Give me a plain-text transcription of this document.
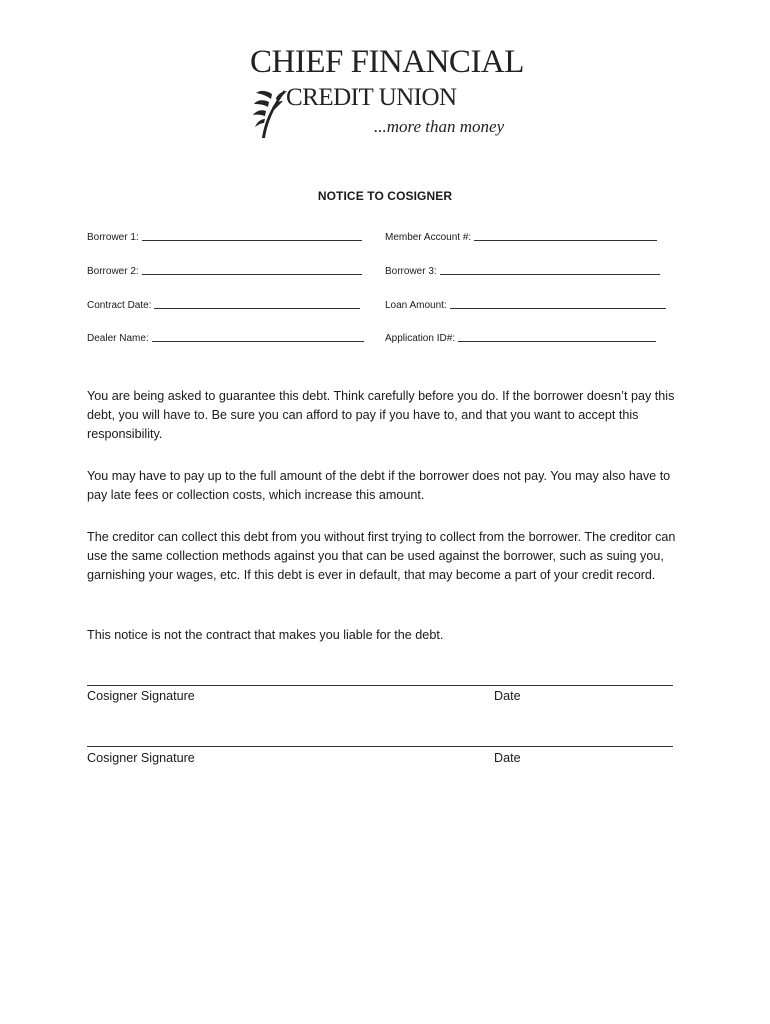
CHIEF FINANCIAL
CREDIT UNION
...more than money
NOTICE TO COSIGNER
Borrower 1:	Member Account #:
Borrower 2:	Borrower 3:
Contract Date:	Loan Amount:
Dealer Name:	Application ID#:

You are being asked to guarantee this debt. Think carefully before you do. If the borrower doesn’t pay this debt, you will have to. Be sure you can afford to pay if you have to, and that you want to accept this responsibility.

You may have to pay up to the full amount of the debt if the borrower does not pay. You may also have to pay late fees or collection costs, which increase this amount.

The creditor can collect this debt from you without first trying to collect from the borrower. The creditor can use the same collection methods against you that can be used against the borrower, such as suing you, garnishing your wages, etc. If this debt is ever in default, that may become a part of your credit record.

This notice is not the contract that makes you liable for the debt.

Cosigner Signature	Date
Cosigner Signature	Date
